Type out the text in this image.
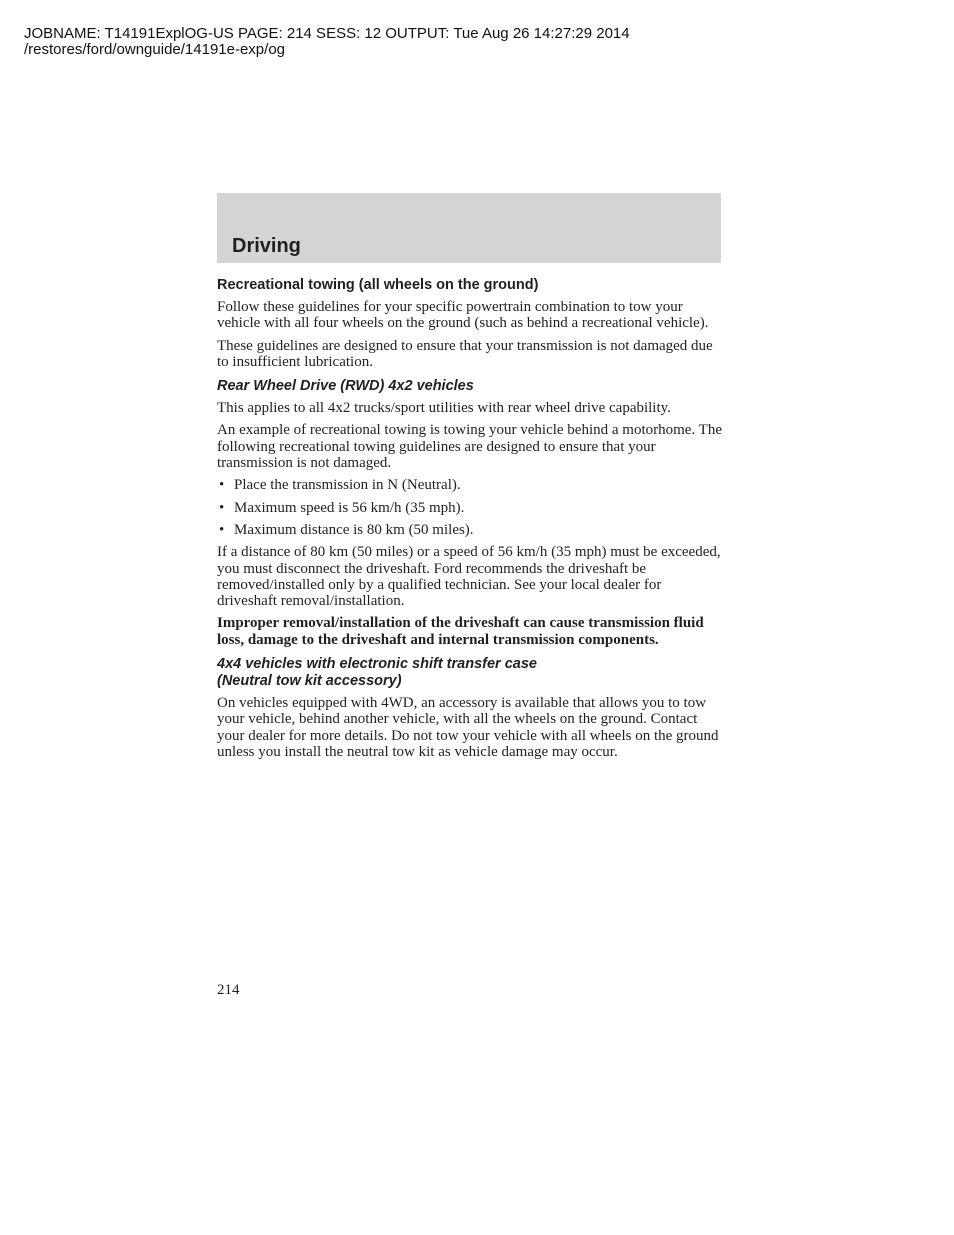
JOBNAME: T14191ExplOG-US PAGE: 214 SESS: 12 OUTPUT: Tue Aug 26 14:27:29 2014
/restores/ford/ownguide/14191e-exp/og
Driving
Recreational towing (all wheels on the ground)

Follow these guidelines for your specific powertrain combination to tow your vehicle with all four wheels on the ground (such as behind a recreational vehicle).

These guidelines are designed to ensure that your transmission is not damaged due to insufficient lubrication.

Rear Wheel Drive (RWD) 4x2 vehicles

This applies to all 4x2 trucks/sport utilities with rear wheel drive capability.

An example of recreational towing is towing your vehicle behind a motorhome. The following recreational towing guidelines are designed to ensure that your transmission is not damaged.

• Place the transmission in N (Neutral).
• Maximum speed is 56 km/h (35 mph).
• Maximum distance is 80 km (50 miles).

If a distance of 80 km (50 miles) or a speed of 56 km/h (35 mph) must be exceeded, you must disconnect the driveshaft. Ford recommends the driveshaft be removed/installed only by a qualified technician. See your local dealer for driveshaft removal/installation.

Improper removal/installation of the driveshaft can cause transmission fluid loss, damage to the driveshaft and internal transmission components.

4x4 vehicles with electronic shift transfer case
(Neutral tow kit accessory)

On vehicles equipped with 4WD, an accessory is available that allows you to tow your vehicle, behind another vehicle, with all the wheels on the ground. Contact your dealer for more details. Do not tow your vehicle with all wheels on the ground unless you install the neutral tow kit as vehicle damage may occur.

214
